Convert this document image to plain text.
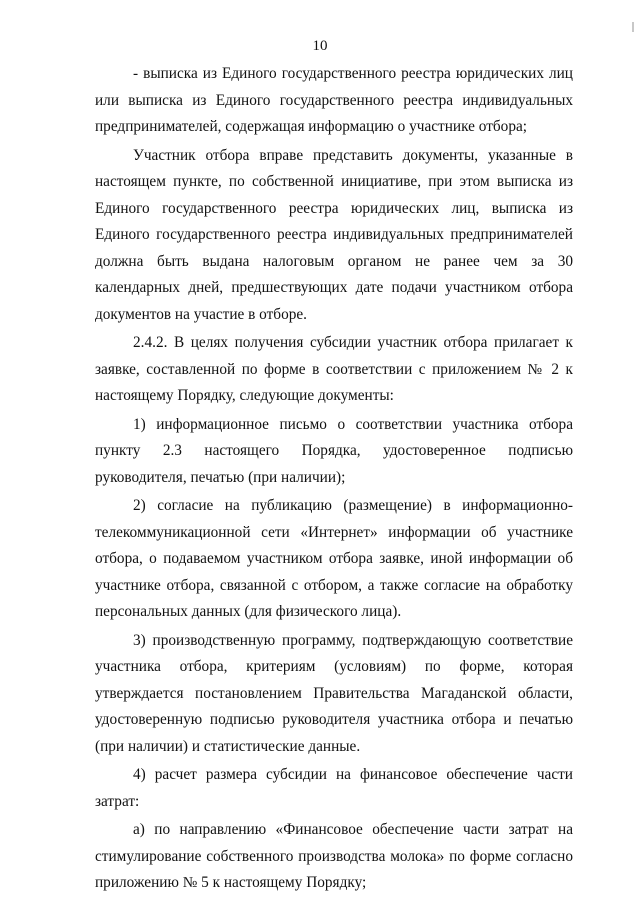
10

- выписка из Единого государственного реестра юридических лиц или выписка из Единого государственного реестра индивидуальных предпринимателей, содержащая информацию о участнике отбора;

Участник отбора вправе представить документы, указанные в настоящем пункте, по собственной инициативе, при этом выписка из Единого государственного реестра юридических лиц, выписка из Единого государственного реестра индивидуальных предпринимателей должна быть выдана налоговым органом не ранее чем за 30 календарных дней, предшествующих дате подачи участником отбора документов на участие в отборе.

2.4.2. В целях получения субсидии участник отбора прилагает к заявке, составленной по форме в соответствии с приложением № 2 к настоящему Порядку, следующие документы:

1) информационное письмо о соответствии участника отбора пункту 2.3 настоящего Порядка, удостоверенное подписью руководителя, печатью (при наличии);

2) согласие на публикацию (размещение) в информационно-телекоммуникационной сети «Интернет» информации об участнике отбора, о подаваемом участником отбора заявке, иной информации об участнике отбора, связанной с отбором, а также согласие на обработку персональных данных (для физического лица).

3) производственную программу, подтверждающую соответствие участника отбора, критериям (условиям) по форме, которая утверждается постановлением Правительства Магаданской области, удостоверенную подписью руководителя участника отбора и печатью (при наличии) и статистические данные.

4) расчет размера субсидии на финансовое обеспечение части затрат:

а) по направлению «Финансовое обеспечение части затрат на стимулирование собственного производства молока» по форме согласно приложению № 5 к настоящему Порядку;
